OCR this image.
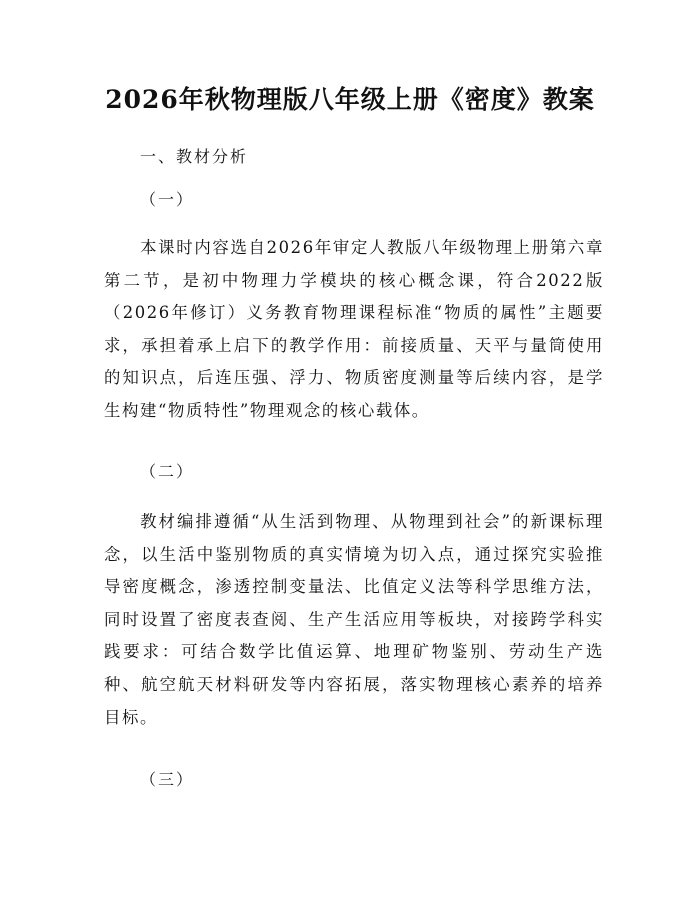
2026年秋物理版八年级上册《密度》教案
一、教材分析
（一）
本课时内容选自2026年审定人教版八年级物理上册第六章第二节，是初中物理力学模块的核心概念课，符合2022版（2026年修订）义务教育物理课程标准“物质的属性”主题要求，承担着承上启下的教学作用：前接质量、天平与量筒使用的知识点，后连压强、浮力、物质密度测量等后续内容，是学生构建“物质特性”物理观念的核心载体。
（二）
教材编排遵循“从生活到物理、从物理到社会”的新课标理念，以生活中鉴别物质的真实情境为切入点，通过探究实验推导密度概念，渗透控制变量法、比值定义法等科学思维方法，同时设置了密度表查阅、生产生活应用等板块，对接跨学科实践要求：可结合数学比值运算、地理矿物鉴别、劳动生产选种、航空航天材料研发等内容拓展，落实物理核心素养的培养目标。
（三）
